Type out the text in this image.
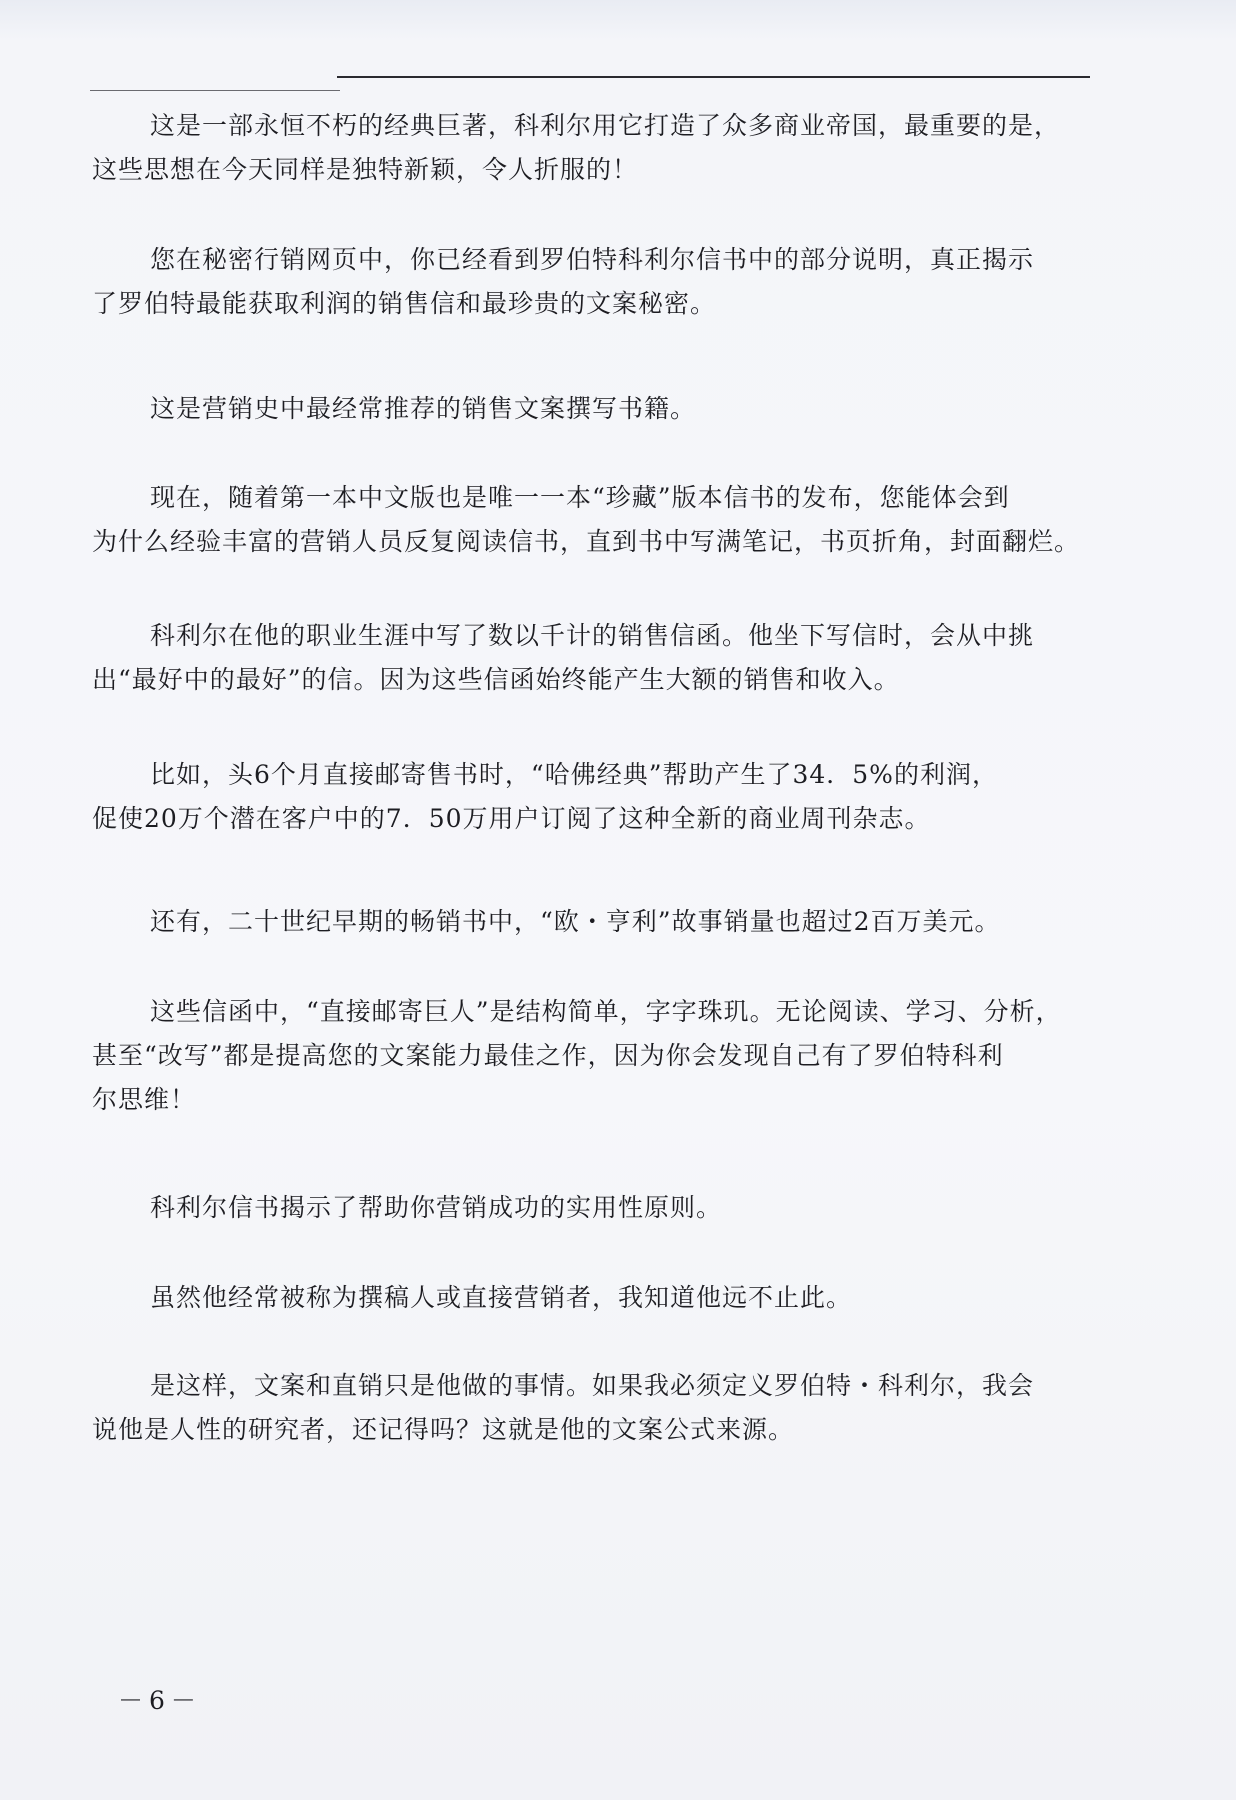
这是一部永恒不朽的经典巨著，科利尔用它打造了众多商业帝国，最重要的是，
这些思想在今天同样是独特新颖，令人折服的！
您在秘密行销网页中，你已经看到罗伯特科利尔信书中的部分说明，真正揭示
了罗伯特最能获取利润的销售信和最珍贵的文案秘密。
这是营销史中最经常推荐的销售文案撰写书籍。
现在，随着第一本中文版也是唯一一本“珍藏”版本信书的发布，您能体会到
为什么经验丰富的营销人员反复阅读信书，直到书中写满笔记，书页折角，封面翻烂。
科利尔在他的职业生涯中写了数以千计的销售信函。他坐下写信时，会从中挑
出“最好中的最好”的信。因为这些信函始终能产生大额的销售和收入。
比如，头6个月直接邮寄售书时，“哈佛经典”帮助产生了34．5%的利润，
促使20万个潜在客户中的7．50万用户订阅了这种全新的商业周刊杂志。
还有，二十世纪早期的畅销书中，“欧・亨利”故事销量也超过2百万美元。
这些信函中，“直接邮寄巨人”是结构简单，字字珠玑。无论阅读、学习、分析，
甚至“改写”都是提高您的文案能力最佳之作，因为你会发现自己有了罗伯特科利
尔思维！
科利尔信书揭示了帮助你营销成功的实用性原则。
虽然他经常被称为撰稿人或直接营销者，我知道他远不止此。
是这样，文案和直销只是他做的事情。如果我必须定义罗伯特・科利尔，我会
说他是人性的研究者，还记得吗？这就是他的文案公式来源。
－6－
